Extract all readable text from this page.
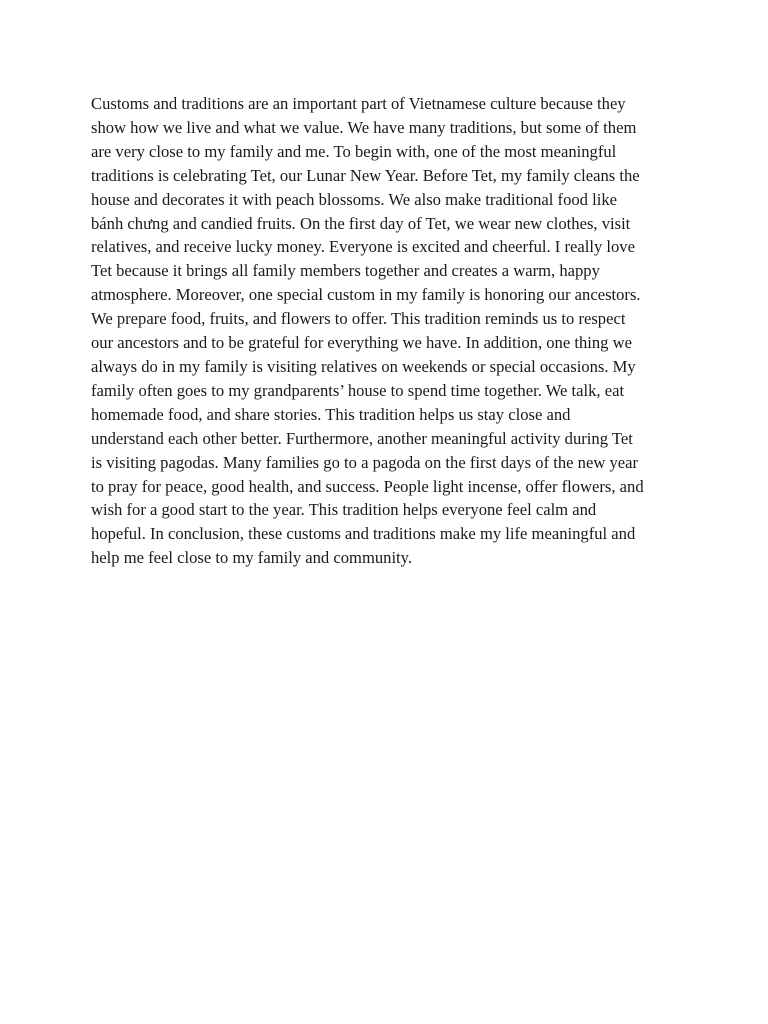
Customs and traditions are an important part of Vietnamese culture because they
show how we live and what we value. We have many traditions, but some of them
are very close to my family and me. To begin with, one of the most meaningful
traditions is celebrating Tet, our Lunar New Year. Before Tet, my family cleans the
house and decorates it with peach blossoms. We also make traditional food like
bánh chưng and candied fruits. On the first day of Tet, we wear new clothes, visit
relatives, and receive lucky money. Everyone is excited and cheerful. I really love
Tet because it brings all family members together and creates a warm, happy
atmosphere. Moreover, one special custom in my family is honoring our ancestors.
We prepare food, fruits, and flowers to offer. This tradition reminds us to respect
our ancestors and to be grateful for everything we have. In addition, one thing we
always do in my family is visiting relatives on weekends or special occasions. My
family often goes to my grandparents’ house to spend time together. We talk, eat
homemade food, and share stories. This tradition helps us stay close and
understand each other better. Furthermore, another meaningful activity during Tet
is visiting pagodas. Many families go to a pagoda on the first days of the new year
to pray for peace, good health, and success. People light incense, offer flowers, and
wish for a good start to the year. This tradition helps everyone feel calm and
hopeful. In conclusion, these customs and traditions make my life meaningful and
help me feel close to my family and community.
